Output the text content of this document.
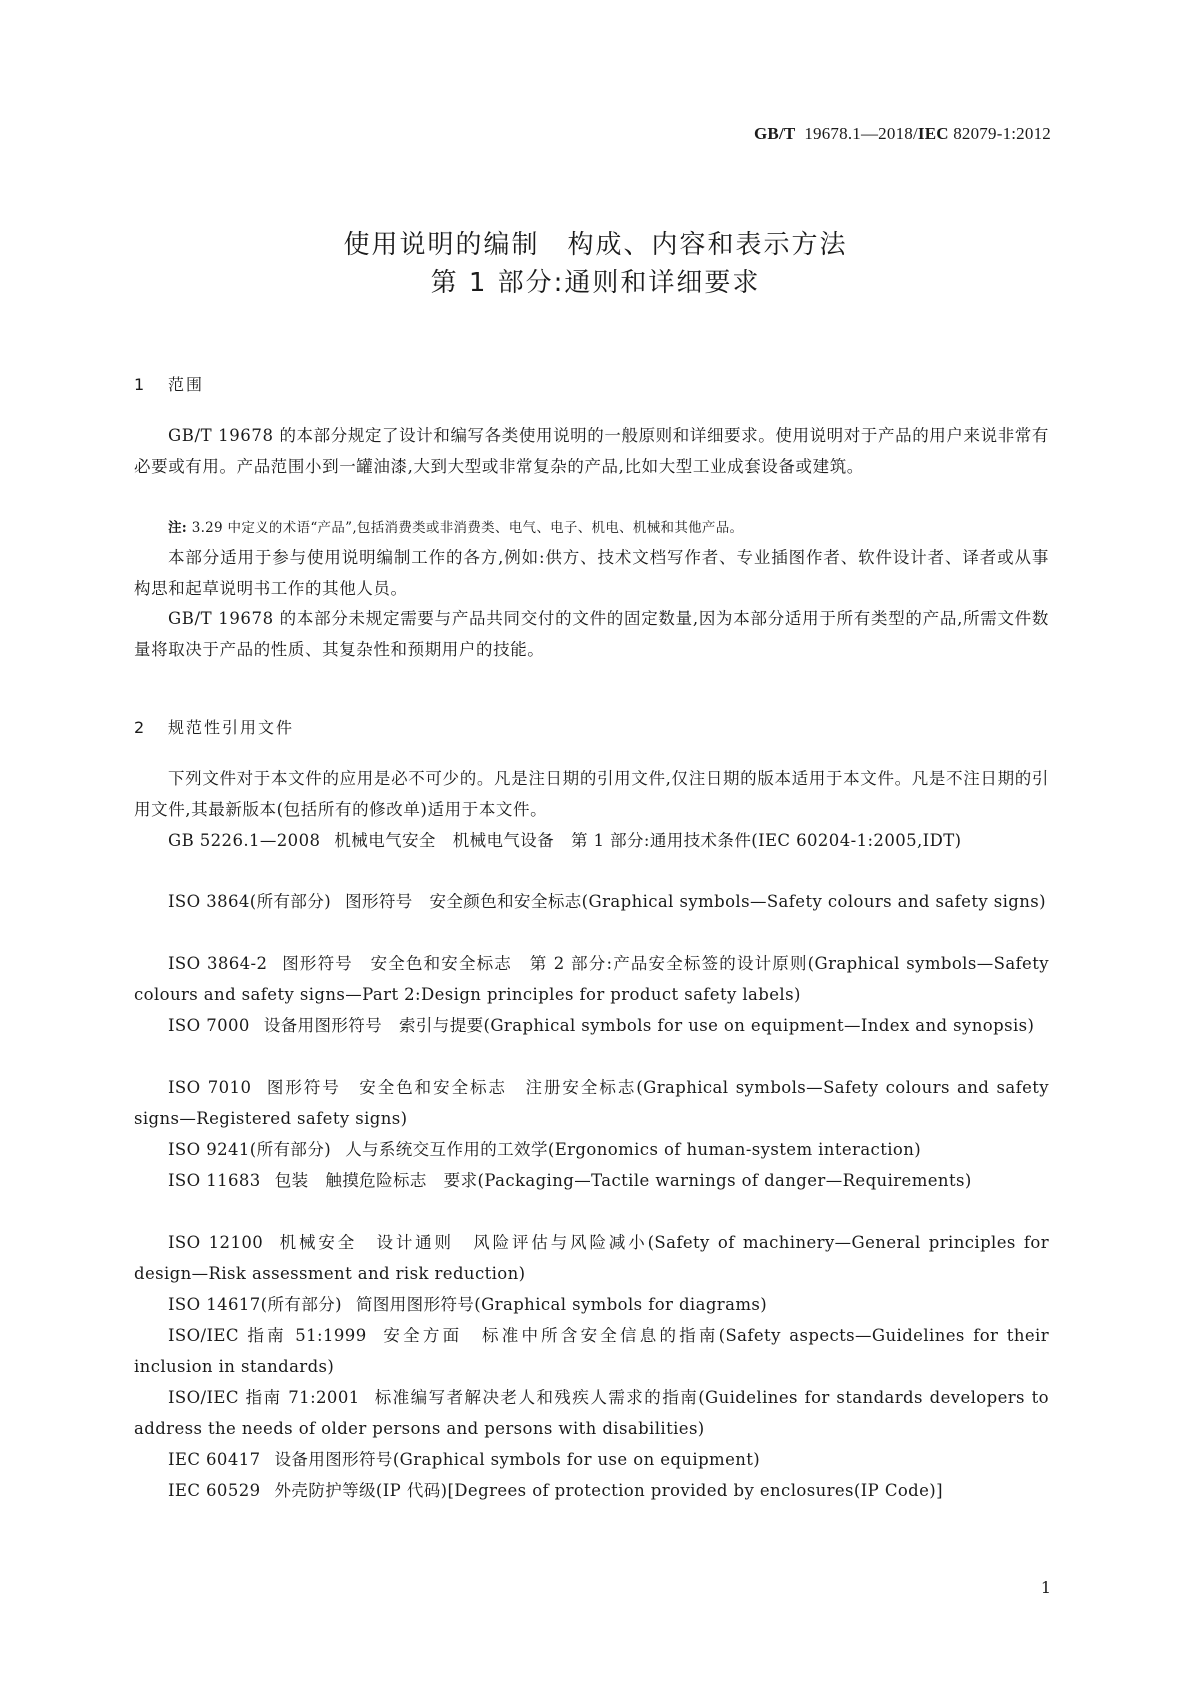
GB/T 19678.1—2018/IEC 82079-1:2012
使用说明的编制　构成、内容和表示方法
第 1 部分:通则和详细要求
1 范围

GB/T 19678 的本部分规定了设计和编写各类使用说明的一般原则和详细要求。使用说明对于产品的用户来说非常有必要或有用。产品范围小到一罐油漆,大到大型或非常复杂的产品,比如大型工业成套设备或建筑。

注: 3.29 中定义的术语“产品”,包括消费类或非消费类、电气、电子、机电、机械和其他产品。

本部分适用于参与使用说明编制工作的各方,例如:供方、技术文档写作者、专业插图作者、软件设计者、译者或从事构思和起草说明书工作的其他人员。

GB/T 19678 的本部分未规定需要与产品共同交付的文件的固定数量,因为本部分适用于所有类型的产品,所需文件数量将取决于产品的性质、其复杂性和预期用户的技能。

2 规范性引用文件

下列文件对于本文件的应用是必不可少的。凡是注日期的引用文件,仅注日期的版本适用于本文件。凡是不注日期的引用文件,其最新版本(包括所有的修改单)适用于本文件。

GB 5226.1—2008 机械电气安全　机械电气设备　第 1 部分:通用技术条件(IEC 60204-1:2005,IDT)

ISO 3864(所有部分) 图形符号　安全颜色和安全标志(Graphical symbols—Safety colours and safety signs)

ISO 3864-2 图形符号　安全色和安全标志　第 2 部分:产品安全标签的设计原则(Graphical symbols—Safety colours and safety signs—Part 2:Design principles for product safety labels)

ISO 7000 设备用图形符号　索引与提要(Graphical symbols for use on equipment—Index and synopsis)

ISO 7010 图形符号　安全色和安全标志　注册安全标志(Graphical symbols—Safety colours and safety signs—Registered safety signs)

ISO 9241(所有部分) 人与系统交互作用的工效学(Ergonomics of human-system interaction)

ISO 11683 包装　触摸危险标志　要求(Packaging—Tactile warnings of danger—Requirements)

ISO 12100 机械安全　设计通则　风险评估与风险减小(Safety of machinery—General principles for design—Risk assessment and risk reduction)

ISO 14617(所有部分) 简图用图形符号(Graphical symbols for diagrams)

ISO/IEC 指南 51:1999 安全方面　标准中所含安全信息的指南(Safety aspects—Guidelines for their inclusion in standards)

ISO/IEC 指南 71:2001 标准编写者解决老人和残疾人需求的指南(Guidelines for standards developers to address the needs of older persons and persons with disabilities)

IEC 60417 设备用图形符号(Graphical symbols for use on equipment)

IEC 60529 外壳防护等级(IP 代码)[Degrees of protection provided by enclosures(IP Code)]

1
